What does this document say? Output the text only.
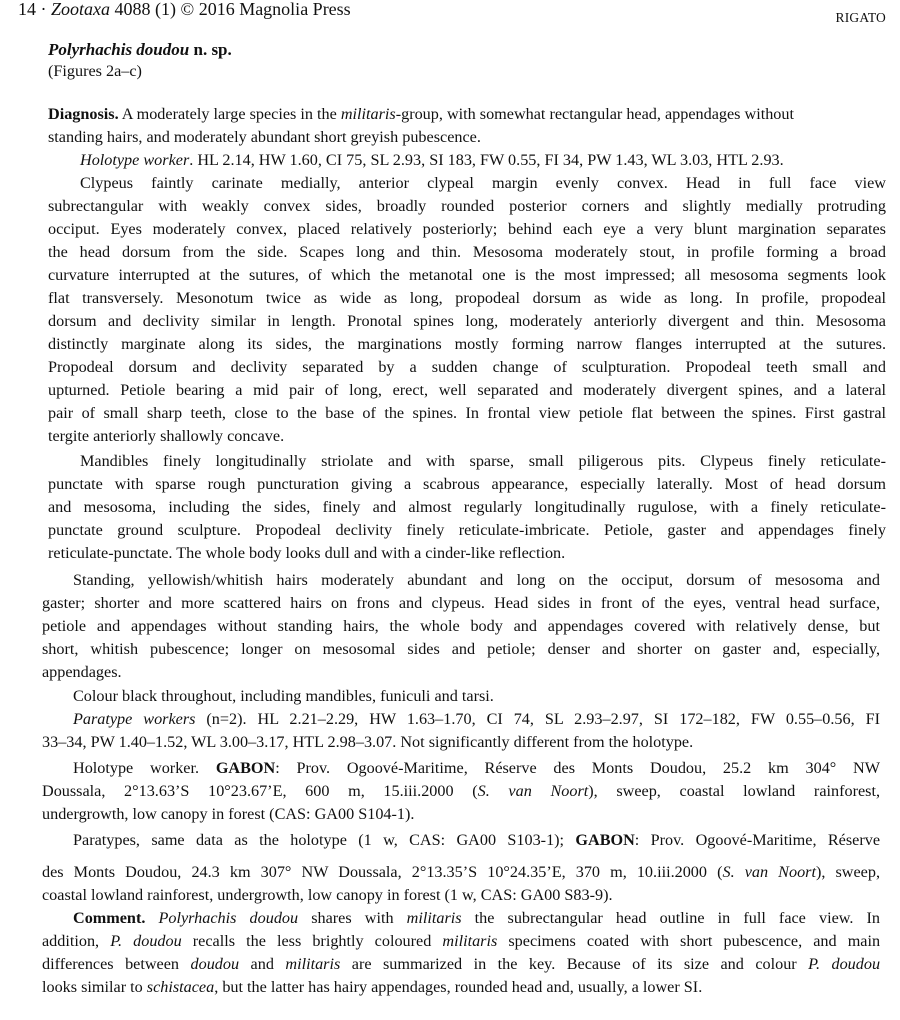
14 · Zootaxa 4088 (1) © 2016 Magnolia Press	RIGATO
Polyrhachis doudou n. sp.
(Figures 2a–c)
Diagnosis. A moderately large species in the militaris-group, with somewhat rectangular head, appendages without
standing hairs, and moderately abundant short greyish pubescence.
Holotype worker. HL 2.14, HW 1.60, CI 75, SL 2.93, SI 183, FW 0.55, FI 34, PW 1.43, WL 3.03, HTL 2.93.
Clypeus faintly carinate medially, anterior clypeal margin evenly convex. Head in full face view
subrectangular with weakly convex sides, broadly rounded posterior corners and slightly medially protruding
occiput. Eyes moderately convex, placed relatively posteriorly; behind each eye a very blunt margination separates
the head dorsum from the side. Scapes long and thin. Mesosoma moderately stout, in profile forming a broad
curvature interrupted at the sutures, of which the metanotal one is the most impressed; all mesosoma segments look
flat transversely. Mesonotum twice as wide as long, propodeal dorsum as wide as long. In profile, propodeal
dorsum and declivity similar in length. Pronotal spines long, moderately anteriorly divergent and thin. Mesosoma
distinctly marginate along its sides, the marginations mostly forming narrow flanges interrupted at the sutures.
Propodeal dorsum and declivity separated by a sudden change of sculpturation. Propodeal teeth small and
upturned. Petiole bearing a mid pair of long, erect, well separated and moderately divergent spines, and a lateral
pair of small sharp teeth, close to the base of the spines. In frontal view petiole flat between the spines. First gastral
tergite anteriorly shallowly concave.
Mandibles finely longitudinally striolate and with sparse, small piligerous pits. Clypeus finely reticulate-
punctate with sparse rough puncturation giving a scabrous appearance, especially laterally. Most of head dorsum
and mesosoma, including the sides, finely and almost regularly longitudinally rugulose, with a finely reticulate-
punctate ground sculpture. Propodeal declivity finely reticulate-imbricate. Petiole, gaster and appendages finely
reticulate-punctate. The whole body looks dull and with a cinder-like reflection.
Standing, yellowish/whitish hairs moderately abundant and long on the occiput, dorsum of mesosoma and
gaster; shorter and more scattered hairs on frons and clypeus. Head sides in front of the eyes, ventral head surface,
petiole and appendages without standing hairs, the whole body and appendages covered with relatively dense, but
short, whitish pubescence; longer on mesosomal sides and petiole; denser and shorter on gaster and, especially,
appendages.
Colour black throughout, including mandibles, funiculi and tarsi.
Paratype workers (n=2). HL 2.21–2.29, HW 1.63–1.70, CI 74, SL 2.93–2.97, SI 172–182, FW 0.55–0.56, FI
33–34, PW 1.40–1.52, WL 3.00–3.17, HTL 2.98–3.07. Not significantly different from the holotype.
Holotype worker. GABON: Prov. Ogoové-Maritime, Réserve des Monts Doudou, 25.2 km 304° NW
Doussala, 2°13.63’S 10°23.67’E, 600 m, 15.iii.2000 (S. van Noort), sweep, coastal lowland rainforest,
undergrowth, low canopy in forest (CAS: GA00 S104-1).
Paratypes, same data as the holotype (1 w, CAS: GA00 S103-1); GABON: Prov. Ogoové-Maritime, Réserve
des Monts Doudou, 24.3 km 307° NW Doussala, 2°13.35’S 10°24.35’E, 370 m, 10.iii.2000 (S. van Noort), sweep,
coastal lowland rainforest, undergrowth, low canopy in forest (1 w, CAS: GA00 S83-9).
Comment. Polyrhachis doudou shares with militaris the subrectangular head outline in full face view. In
addition, P. doudou recalls the less brightly coloured militaris specimens coated with short pubescence, and main
differences between doudou and militaris are summarized in the key. Because of its size and colour P. doudou
looks similar to schistacea, but the latter has hairy appendages, rounded head and, usually, a lower SI.
